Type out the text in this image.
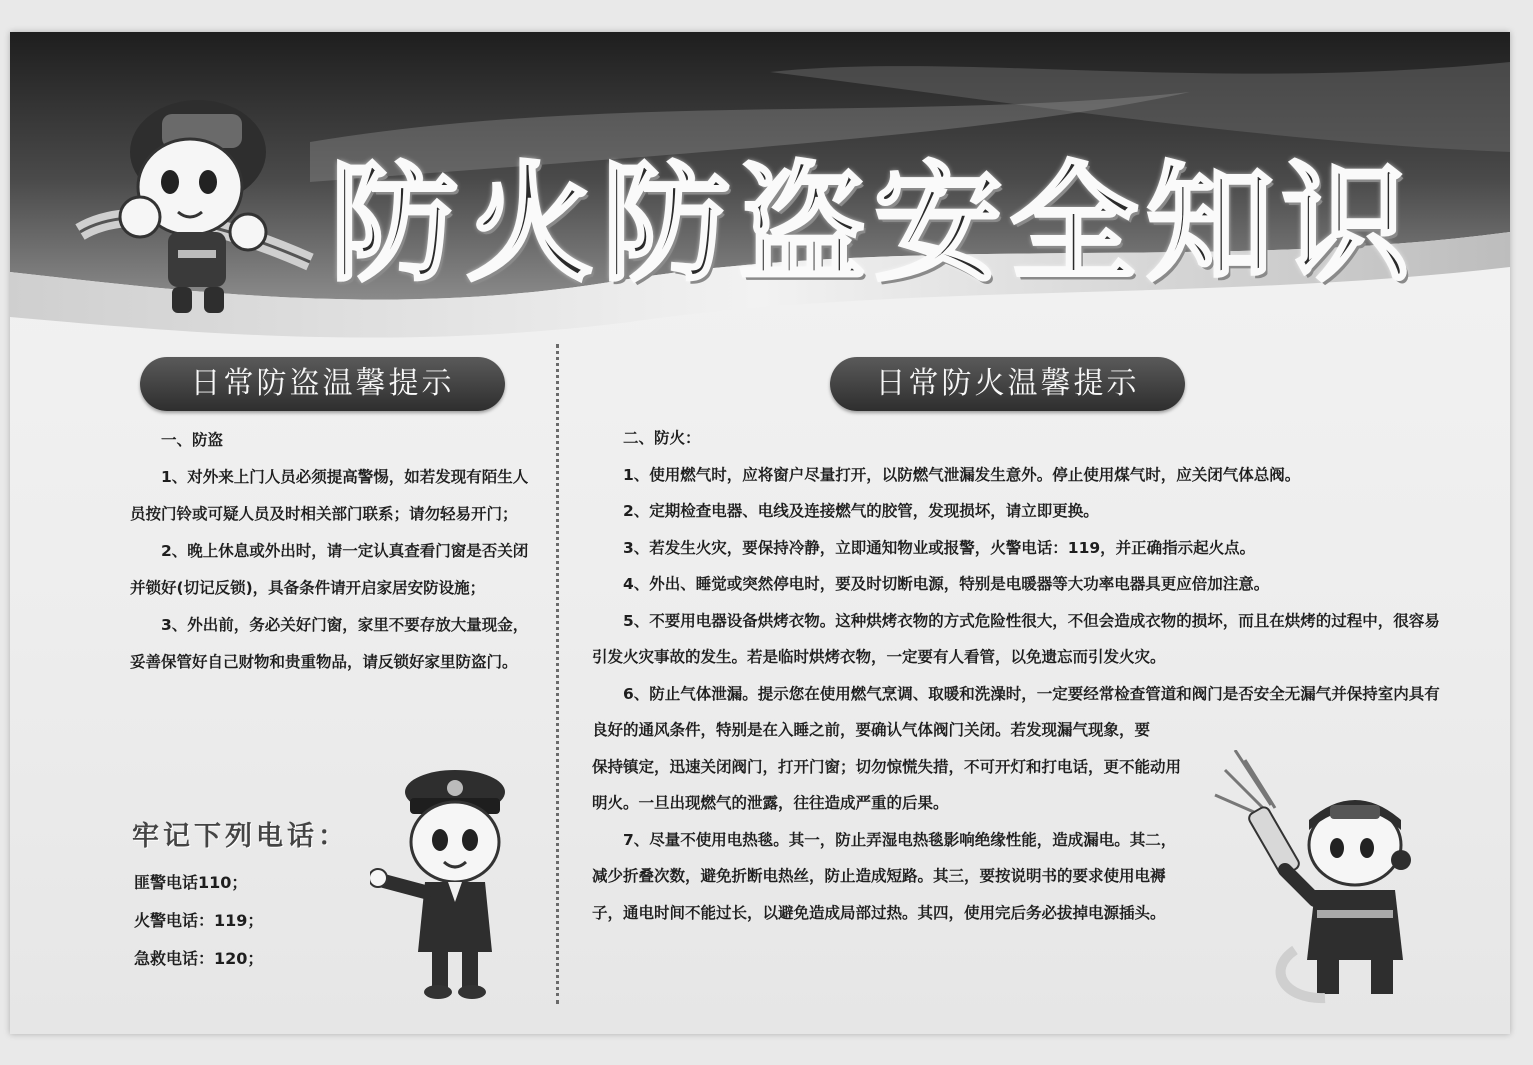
防 火 防 盗 安 全 知 识
日常防盗温馨提示	日常防火温馨提示

一、防盗

1、对外来上门人员必须提高警惕，如若发现有陌生人员按门铃或可疑人员及时相关部门联系；请勿轻易开门；

2、晚上休息或外出时，请一定认真查看门窗是否关闭并锁好(切记反锁)，具备条件请开启家居安防设施；

3、外出前，务必关好门窗，家里不要存放大量现金，妥善保管好自己财物和贵重物品，请反锁好家里防盗门。

牢记下列电话：

匪警电话110；

火警电话：119；

急救电话：120；

二、防火：

1、使用燃气时，应将窗户尽量打开，以防燃气泄漏发生意外。停止使用煤气时，应关闭气体总阀。

2、定期检查电器、电线及连接燃气的胶管，发现损坏，请立即更换。

3、若发生火灾，要保持冷静，立即通知物业或报警，火警电话：119，并正确指示起火点。

4、外出、睡觉或突然停电时，要及时切断电源，特别是电暖器等大功率电器具更应倍加注意。

5、不要用电器设备烘烤衣物。这种烘烤衣物的方式危险性很大，不但会造成衣物的损坏，而且在烘烤的过程中，很容易引发火灾事故的发生。若是临时烘烤衣物，一定要有人看管，以免遗忘而引发火灾。

6、防止气体泄漏。提示您在使用燃气烹调、取暖和洗澡时，一定要经常检查管道和阀门是否安全无漏气并保持室内具有良好的通风条件，特别是在入睡之前，要确认气体阀门关闭。若发现漏气现象，要

保持镇定，迅速关闭阀门，打开门窗；切勿惊慌失措，不可开灯和打电话，更不能动用明火。一旦出现燃气的泄露，往往造成严重的后果。

7、尽量不使用电热毯。其一，防止弄湿电热毯影响绝缘性能，造成漏电。其二，减少折叠次数，避免折断电热丝，防止造成短路。其三，要按说明书的要求使用电褥子，通电时间不能过长，以避免造成局部过热。其四，使用完后务必拔掉电源插头。
